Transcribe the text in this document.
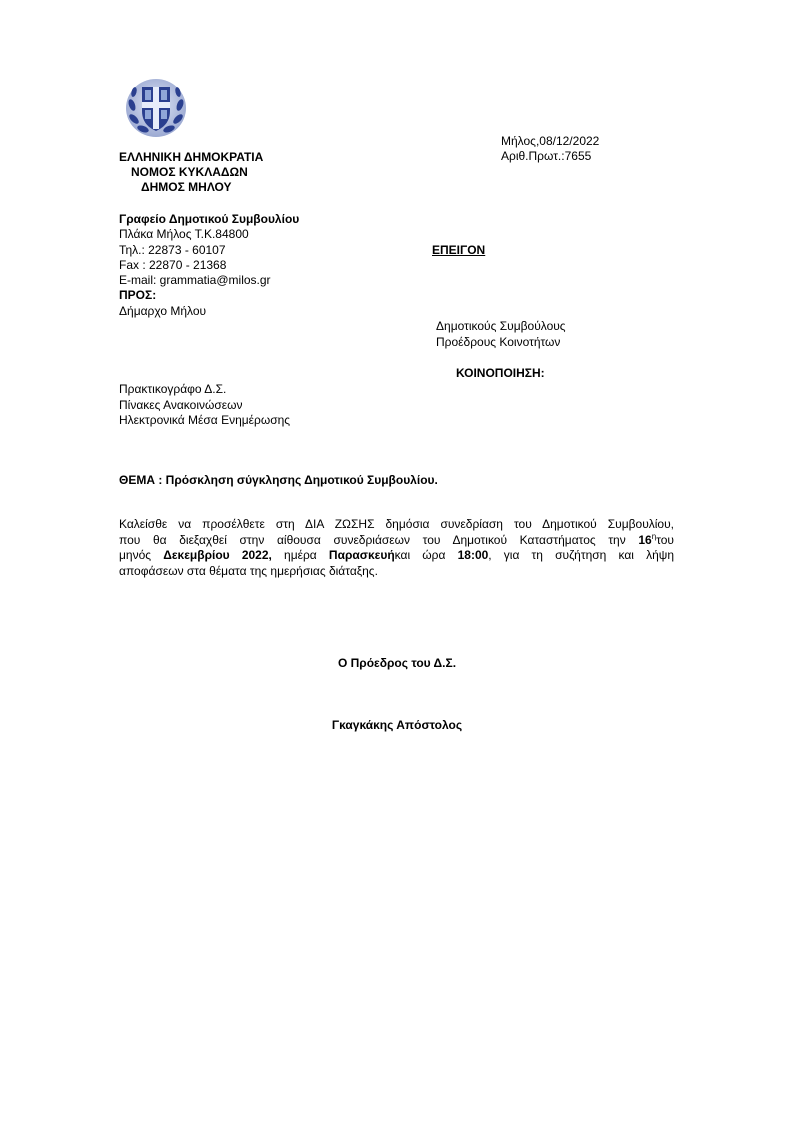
ΕΛΛΗΝΙΚΗ ΔΗΜΟΚΡΑΤΙΑ
ΝΟΜΟΣ ΚΥΚΛΑΔΩΝ
ΔΗΜΟΣ ΜΗΛΟΥ
Μήλος,08/12/2022
Αριθ.Πρωτ.:7655
Γραφείο Δημοτικού Συμβουλίου
Πλάκα Μήλος Τ.Κ.84800
Τηλ.: 22873 - 60107
Fax : 22870 - 21368
E-mail: grammatia@milos.gr
ΠΡΟΣ:
Δήμαρχο Μήλου
ΕΠΕΙΓΟΝ
Δημοτικούς Συμβούλους
Προέδρους Κοινοτήτων
ΚΟΙΝΟΠΟΙΗΣΗ:
Πρακτικογράφο Δ.Σ.
Πίνακες Ανακοινώσεων
Ηλεκτρονικά Μέσα Ενημέρωσης
ΘΕΜΑ : Πρόσκληση σύγκλησης Δημοτικού Συμβουλίου.
Καλείσθε να προσέλθετε στη ΔΙΑ ΖΩΣΗΣ δημόσια συνεδρίαση του Δημοτικού Συμβουλίου,
που θα διεξαχθεί στην αίθουσα συνεδριάσεων του Δημοτικού Καταστήματος την $16^\eta\tau o\upsilon$
μηνός Δεκεμβρίου 2022, ημέρα Παρασκευήκαι ώρα 18:00, για τη συζήτηση και λήψη
αποφάσεων στα θέματα της ημερήσιας διάταξης.
Ο Πρόεδρος του Δ.Σ.
Γκαγκάκης Απόστολος
